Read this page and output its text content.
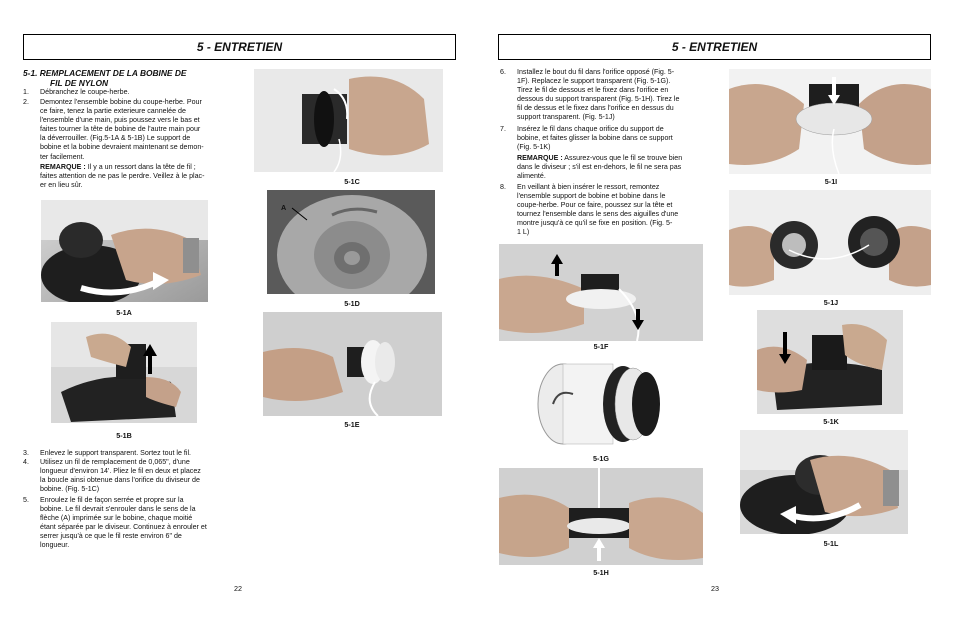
5 - ENTRETIEN
5-1. REMPLACEMENT DE LA BOBINE DE
FIL DE NYLON
1. Débranchez le coupe-herbe.
2. Demontez l'ensemble bobine du coupe-herbe. Pour
ce faire, tenez la partie exterieure cannelée de
l'ensemble d'une main, puis poussez vers le bas et
faites tourner la tête de bobine de l'autre main pour
la déverrouiller. (Fig.5-1A & 5-1B) Le support de
bobine et la bobine devraient maintenant se demon-
ter facilement.
REMARQUE : Il y a un ressort dans la tête de fil ;
faites attention de ne pas le perdre. Veillez à le plac-
er en lieu sûr.
5-1A
5-1B
5-1C
A
5-1D
5-1E
3. Enlevez le support transparent. Sortez tout le fil.
4. Utilisez un fil de remplacement de 0,065", d'une
longueur d'environ 14'. Pliez le fil en deux et placez
la boucle ainsi obtenue dans l'orifice du diviseur de
bobine. (Fig. 5-1C)
5. Enroulez le fil de façon serrée et propre sur la
bobine. Le fil devrait s'enrouler dans le sens de la
flèche (A) imprimée sur le bobine, chaque moitié
étant séparée par le diviseur. Continuez à enrouler et
serrer jusqu'à ce que le fil reste environ 6" de
longueur.
22
5 - ENTRETIEN
6. Installez le bout du fil dans l'orifice opposé (Fig. 5-
1F). Replacez le support transparent (Fig. 5-1G).
Tirez le fil de dessous et le fixez dans l'orifice en
dessous du support transparent (Fig. 5-1H). Tirez le
fil de dessus et le fixez dans l'orifice en dessus du
support transparent. (Fig. 5-1J)
7. Insérez le fil dans chaque orifice du support de
bobine, et faites glisser la bobine dans ce support
(Fig. 5-1K)
REMARQUE : Assurez-vous que le fil se trouve bien
dans le diviseur ; s'il est en-dehors, le fil ne sera pas
alimenté.
8. En veillant à bien insérer le ressort, remontez
l'ensemble support de bobine et bobine dans le
coupe-herbe. Pour ce faire, poussez sur la tête et
tournez l'ensemble dans le sens des aiguilles d'une
montre jusqu'à ce qu'il se fixe en position. (Fig. 5-
1 L)
5-1F
5-1G
5-1H
5-1I
5-1J
5-1K
5-1L
23
